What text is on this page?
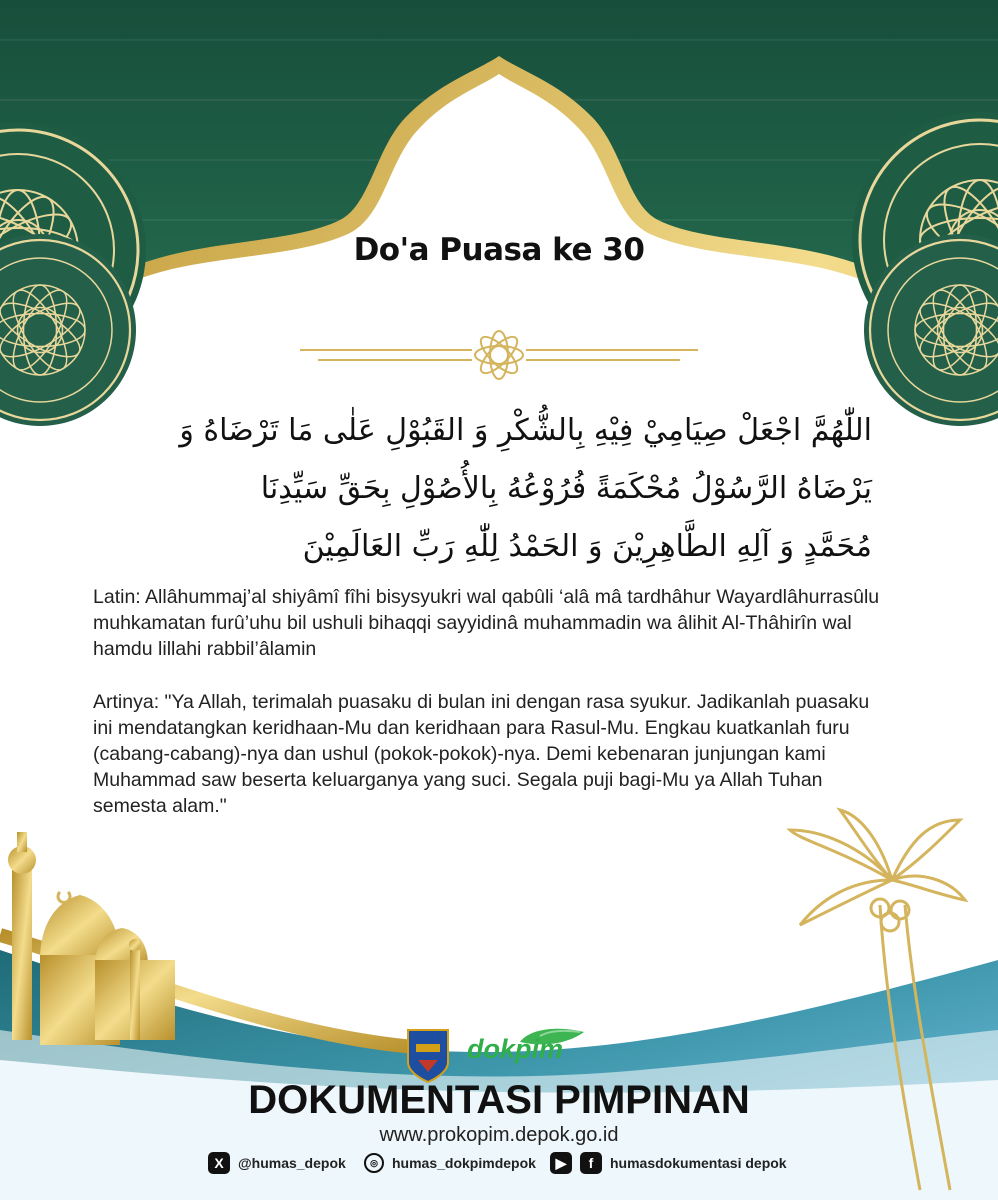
Do'a Puasa ke 30
اللّٰهُمَّ اجْعَلْ صِيَامِيْ فِيْهِ بِالشُّكْرِ وَ القَبُوْلِ عَلٰى مَا تَرْضَاهُ وَ
يَرْضَاهُ الرَّسُوْلُ مُحْكَمَةً فُرُوْعُهُ بِالأُصُوْلِ بِحَقِّ سَيِّدِنَا
مُحَمَّدٍ وَ آلِهِ الطَّاهِرِيْنَ وَ الحَمْدُ لِلّٰهِ رَبِّ العَالَمِيْنَ
Latin: Allâhummaj’al shiyâmî fîhi bisysyukri wal qabûli ‘alâ mâ tardhâhur Wayardlâhurrasûlu muhkamatan furû’uhu bil ushuli bihaqqi sayyidinâ muhammadin wa âlihit Al-Thâhirîn wal hamdu lillahi rabbil’âlamin
Artinya: "Ya Allah, terimalah puasaku di bulan ini dengan rasa syukur. Jadikanlah puasaku ini mendatangkan keridhaan-Mu dan keridhaan para Rasul-Mu. Engkau kuatkanlah furu (cabang-cabang)-nya dan ushul (pokok-pokok)-nya. Demi kebenaran junjungan kami Muhammad saw beserta keluarganya yang suci. Segala puji bagi-Mu ya Allah Tuhan semesta alam."
dokpim
DOKUMENTASI PIMPINAN
www.prokopim.depok.go.id
X	@humas_depok	◎	humas_dokpimdepok	▶	f	humasdokumentasi depok
